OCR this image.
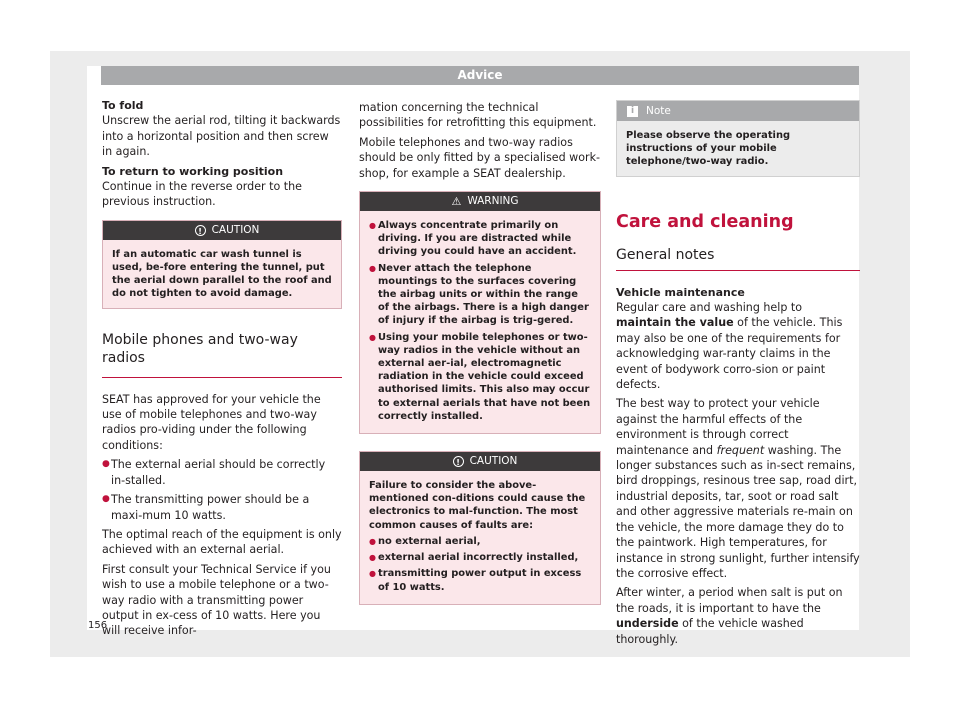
Advice
To fold

Unscrew the aerial rod, tilting it backwards into a horizontal position and then screw in again.

To return to working position

Continue in the reverse order to the previous instruction.

! CAUTION
If an automatic car wash tunnel is used, be-fore entering the tunnel, put the aerial down parallel to the roof and do not tighten to avoid damage.
Mobile phones and two-way radios

SEAT has approved for your vehicle the use of mobile telephones and two-way radios pro-viding under the following conditions:

● The external aerial should be correctly in-stalled.
● The transmitting power should be a maxi-mum 10 watts.

The optimal reach of the equipment is only achieved with an external aerial.

First consult your Technical Service if you wish to use a mobile telephone or a two-way radio with a transmitting power output in ex-cess of 10 watts. Here you will receive infor-

mation concerning the technical possibilities for retrofitting this equipment.

Mobile telephones and two-way radios should be only fitted by a specialised work-shop, for example a SEAT dealership.

⚠ WARNING
● Always concentrate primarily on driving. If you are distracted while driving you could have an accident.
● Never attach the telephone mountings to the surfaces covering the airbag units or within the range of the airbags. There is a high danger of injury if the airbag is trig-gered.
● Using your mobile telephones or two-way radios in the vehicle without an external aer-ial, electromagnetic radiation in the vehicle could exceed authorised limits. This also may occur to external aerials that have not been correctly installed.
! CAUTION
Failure to consider the above-mentioned con-ditions could cause the electronics to mal-function. The most common causes of faults are:
● no external aerial,
● external aerial incorrectly installed,
● transmitting power output in excess of 10 watts.
i	Note
Please observe the operating instructions of your mobile telephone/two-way radio.
Care and cleaning
General notes
Vehicle maintenance

Regular care and washing help to maintain the value of the vehicle. This may also be one of the requirements for acknowledging war-ranty claims in the event of bodywork corro-sion or paint defects.

The best way to protect your vehicle against the harmful effects of the environment is through correct maintenance and frequent washing. The longer substances such as in-sect remains, bird droppings, resinous tree sap, road dirt, industrial deposits, tar, soot or road salt and other aggressive materials re-main on the vehicle, the more damage they do to the paintwork. High temperatures, for instance in strong sunlight, further intensify the corrosive effect.

After winter, a period when salt is put on the roads, it is important to have the underside of the vehicle washed thoroughly.

156
